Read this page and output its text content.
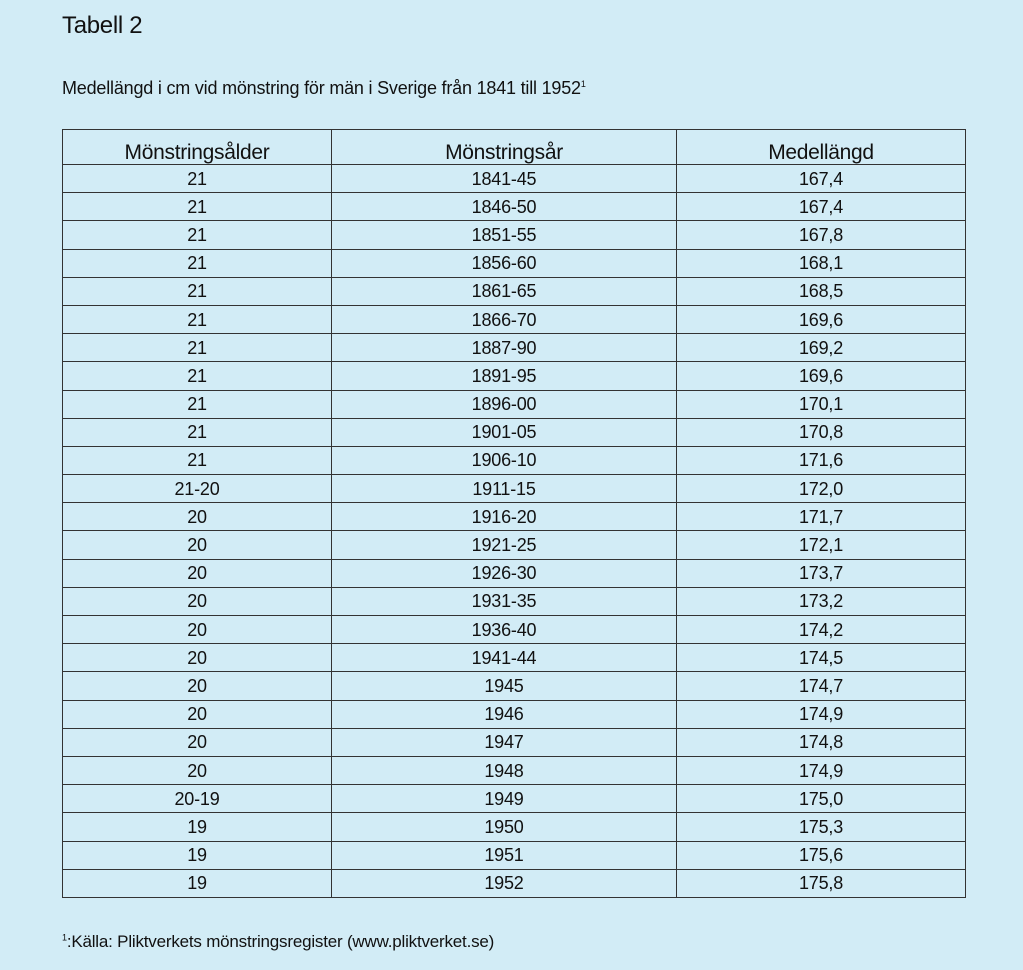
Tabell 2
Medellängd i cm vid mönstring för män i Sverige från 1841 till 1952$^1$
Mönstringsålder	Mönstringsår	Medellängd
21	1841-45	167,4
21	1846-50	167,4
21	1851-55	167,8
21	1856-60	168,1
21	1861-65	168,5
21	1866-70	169,6
21	1887-90	169,2
21	1891-95	169,6
21	1896-00	170,1
21	1901-05	170,8
21	1906-10	171,6
21-20	1911-15	172,0
20	1916-20	171,7
20	1921-25	172,1
20	1926-30	173,7
20	1931-35	173,2
20	1936-40	174,2
20	1941-44	174,5
20	1945	174,7
20	1946	174,9
20	1947	174,8
20	1948	174,9
20-19	1949	175,0
19	1950	175,3
19	1951	175,6
19	1952	175,8
$^1$:Källa: Pliktverkets mönstringsregister (www.pliktverket.se)
